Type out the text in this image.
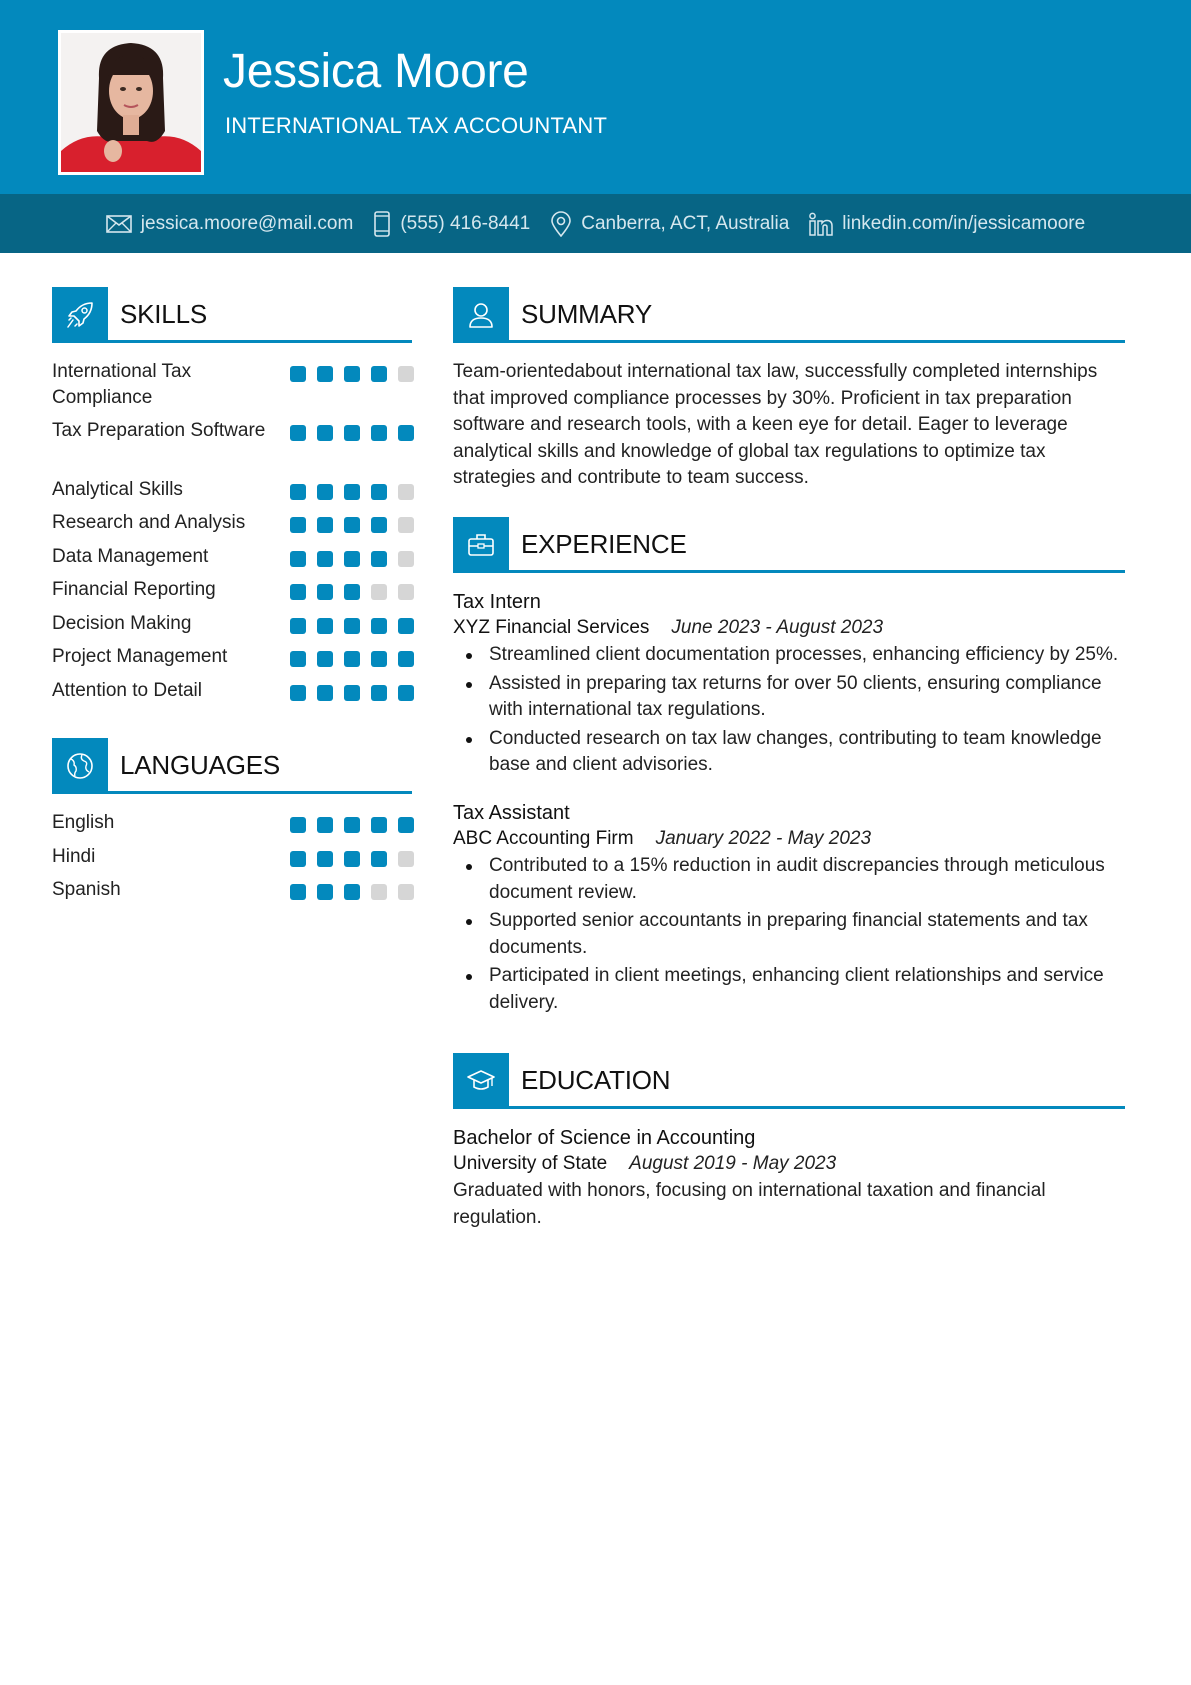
Jessica Moore
INTERNATIONAL TAX ACCOUNTANT
jessica.moore@mail.com (555) 416-8441	Canberra, ACT, Australia	linkedin.com/in/jessicamoore
SKILLS
International Tax Compliance
Tax Preparation Software
Analytical Skills
Research and Analysis
Data Management
Financial Reporting
Decision Making
Project Management
Attention to Detail
LANGUAGES
English
Hindi
Spanish
SUMMARY
Team-orientedabout international tax law, successfully completed internships that improved compliance processes by 30%. Proficient in tax preparation software and research tools, with a keen eye for detail. Eager to leverage analytical skills and knowledge of global tax regulations to optimize tax strategies and contribute to team success.
EXPERIENCE
Tax Intern
XYZ Financial Services June 2023 - August 2023
Streamlined client documentation processes, enhancing efficiency by 25%.
Assisted in preparing tax returns for over 50 clients, ensuring compliance with international tax regulations.
Conducted research on tax law changes, contributing to team knowledge base and client advisories.
Tax Assistant
ABC Accounting Firm January 2022 - May 2023
Contributed to a 15% reduction in audit discrepancies through meticulous document review.
Supported senior accountants in preparing financial statements and tax documents.
Participated in client meetings, enhancing client relationships and service delivery.
EDUCATION
Bachelor of Science in Accounting
University of State August 2019 - May 2023
Graduated with honors, focusing on international taxation and financial regulation.
